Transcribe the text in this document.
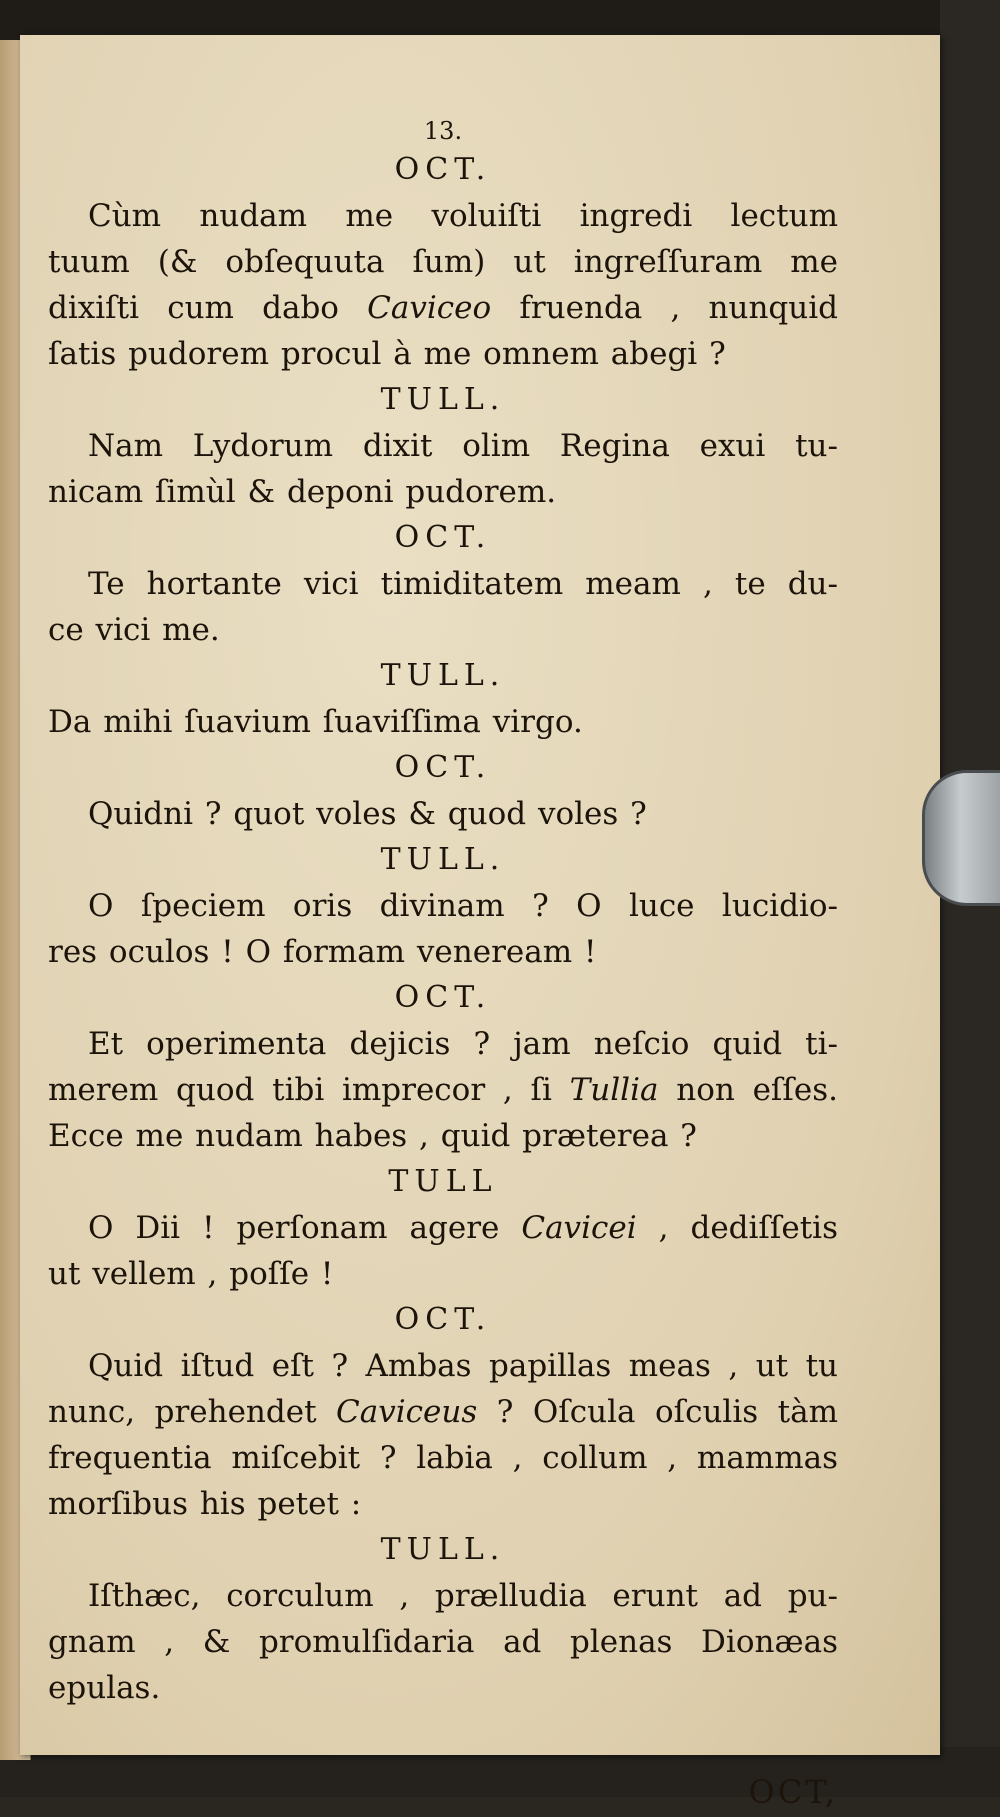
13.
OCT.
Cùm nudam me voluiſti ingredi lectum
tuum (& obſequuta ſum) ut ingreſſuram me
dixiſti cum dabo Caviceo fruenda , nunquid
ſatis pudorem procul à me omnem abegi ?
TULL.
Nam Lydorum dixit olim Regina exui tu-
nicam ſimùl & deponi pudorem.
OCT.
Te hortante vici timiditatem meam , te du-
ce vici me.
TULL.
Da mihi ſuavium ſuaviſſima virgo.
OCT.
Quidni ? quot voles & quod voles ?
TULL.
O ſpeciem oris divinam ? O luce lucidio-
res oculos ! O formam veneream !
OCT.
Et operimenta dejicis ? jam neſcio quid ti-
merem quod tibi imprecor , ſi Tullia non eſſes.
Ecce me nudam habes , quid præterea ?
TULL
O Dii ! perſonam agere Cavicei , dediſſetis
ut vellem , poſſe !
OCT.
Quid iſtud eſt ? Ambas papillas meas , ut tu
nunc, prehendet Caviceus ? Oſcula oſculis tàm
frequentia miſcebit ? labia , collum , mammas
morſibus his petet :
TULL.
Iſthæc, corculum , prælludia erunt ad pu-
gnam , & promulſidaria ad plenas Dionæas
epulas.
OCT,
